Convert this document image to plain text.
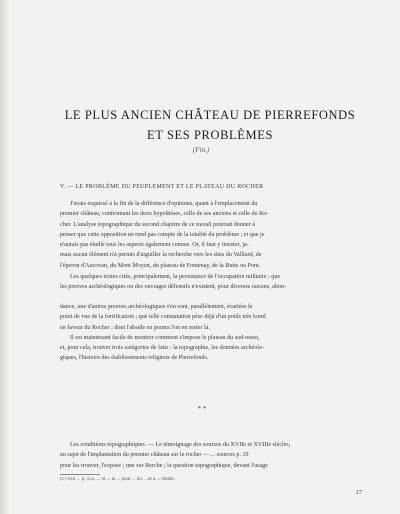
LE PLUS ANCIEN CHÂTEAU DE PIERREFONDS
ET SES PROBLÈMES
(Fin.)
V. — LE PROBLÈME DU PEUPLEMENT ET LE PLATEAU DU ROCHER
J'avais esquissé à la fin de la différence d'opinions, quant à l'emplacement du
premier château, confrontant les deux hypothèses, celle de ses anciens et celle du Ro-
cher. L'analyse topographique du second chapitre de ce travail pourrait donner à
penser que cette opposition ne rend pas compte de la totalité du problème ; et que je
n'aurais pas étudié tous les aspects également connus. Or, il faut y insister, ja-
mais aucun élément n'a permis d'aiguiller la recherche vers les sites du Valliard, de
l'éperon d'Aucovan, du Mont Moyen, du plateau de Fontenay, de la Butte ou Pont.
Les quelques textes cités, principalement, la persistance de l'occupation militaire ; que
les preuves archéologiques ou des ouvrages défensifs n'existent, pour diverses raisons, abon-
dance, une d'autres preuves archéologiques s'en sont, parallèlement, écartées le
point de vue de la fortification ; que telle constatation pèse déjà d'un poids très lourd
en faveur du Rocher ; dont l'abside en pourra l'on en rester là.
Il est maintenant facile de montrer comment s'impose le plateau du sud-ouest,
et, pour cela, trouver trois catégories de faits : la topographie, les données archéolo-
giques, l'histoire des établissements religieux de Pierrefonds.
* *
Les conditions topographiques. — Le témoignage des sources du XVIIe et XVIIIe siècles,
au sujet de l'implantation du premier château sur le rocher — ... sources p. 19
pour les trouver, l'exposé ; une sur Berche ; la question topographique, devant l'usage
(1) Voir ... p. 155, ... et ... la ... pour ... du ... et à ... étudié.
17
